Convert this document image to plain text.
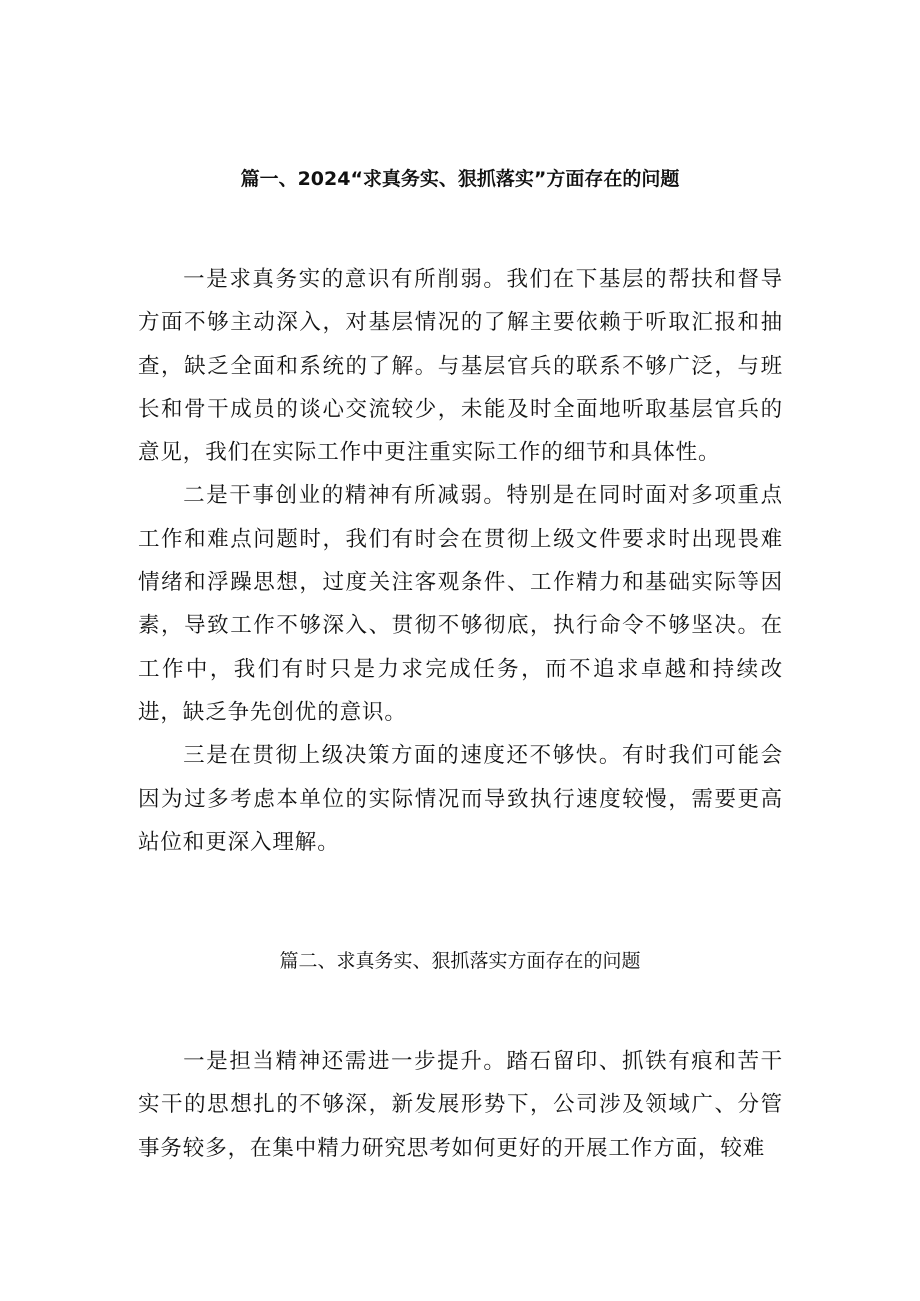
篇一、2024“求真务实、狠抓落实”方面存在的问题

一是求真务实的意识有所削弱。我们在下基层的帮扶和督导方面不够主动深入，对基层情况的了解主要依赖于听取汇报和抽查，缺乏全面和系统的了解。与基层官兵的联系不够广泛，与班长和骨干成员的谈心交流较少，未能及时全面地听取基层官兵的意见，我们在实际工作中更注重实际工作的细节和具体性。

二是干事创业的精神有所减弱。特别是在同时面对多项重点工作和难点问题时，我们有时会在贯彻上级文件要求时出现畏难情绪和浮躁思想，过度关注客观条件、工作精力和基础实际等因素，导致工作不够深入、贯彻不够彻底，执行命令不够坚决。在工作中，我们有时只是力求完成任务，而不追求卓越和持续改进，缺乏争先创优的意识。

三是在贯彻上级决策方面的速度还不够快。有时我们可能会因为过多考虑本单位的实际情况而导致执行速度较慢，需要更高站位和更深入理解。

篇二、求真务实、狠抓落实方面存在的问题

一是担当精神还需进一步提升。踏石留印、抓铁有痕和苦干实干的思想扎的不够深，新发展形势下，公司涉及领域广、分管事务较多，在集中精力研究思考如何更好的开展工作方面，较难
